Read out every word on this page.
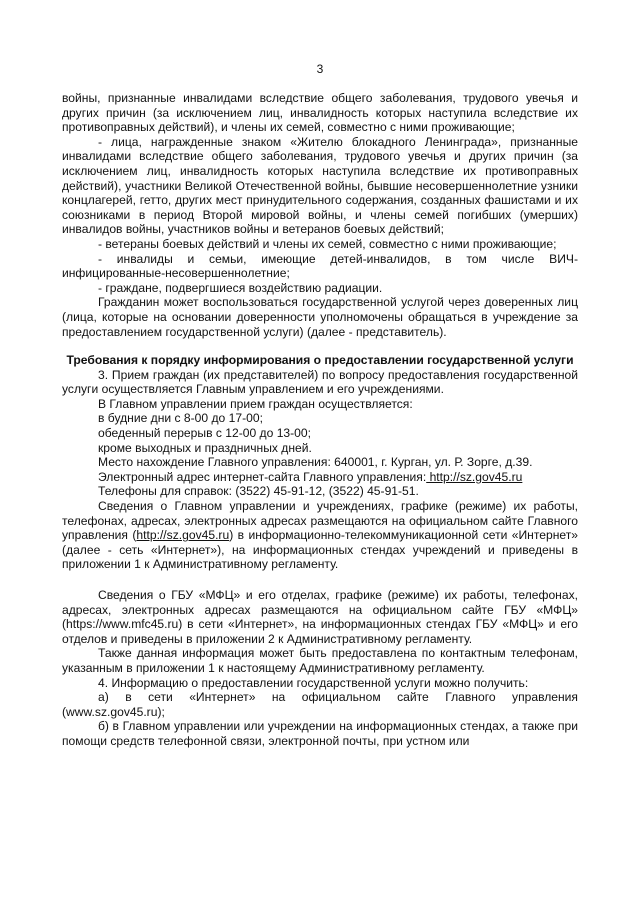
3

войны, признанные инвалидами вследствие общего заболевания, трудового увечья и других причин (за исключением лиц, инвалидность которых наступила вследствие их противоправных действий), и члены их семей, совместно с ними проживающие;

- лица, награжденные знаком «Жителю блокадного Ленинграда», признанные инвалидами вследствие общего заболевания, трудового увечья и других причин (за исключением лиц, инвалидность которых наступила вследствие их противоправных действий), участники Великой Отечественной войны, бывшие несовершеннолетние узники концлагерей, гетто, других мест принудительного содержания, созданных фашистами и их союзниками в период Второй мировой войны, и члены семей погибших (умерших) инвалидов войны, участников войны и ветеранов боевых действий;

- ветераны боевых действий и члены их семей, совместно с ними проживающие;

- инвалиды и семьи, имеющие детей-инвалидов, в том числе ВИЧ-инфицированные-несовершеннолетние;

- граждане, подвергшиеся воздействию радиации.

Гражданин может воспользоваться государственной услугой через доверенных лиц (лица, которые на основании доверенности уполномочены обращаться в учреждение за предоставлением государственной услуги) (далее - представитель).

Требования к порядку информирования о предоставлении государственной услуги

3. Прием граждан (их представителей) по вопросу предоставления государственной услуги осуществляется Главным управлением и его учреждениями.

В Главном управлении прием граждан осуществляется:

в будние дни с 8-00 до 17-00;

обеденный перерыв с 12-00 до 13-00;

кроме выходных и праздничных дней.

Место нахождение Главного управления: 640001, г. Курган, ул. Р. Зорге, д.39.

Электронный адрес интернет-сайта Главного управления: http://sz.gov45.ru

Телефоны для справок: (3522) 45-91-12, (3522) 45-91-51.

Сведения о Главном управлении и учреждениях, графике (режиме) их работы, телефонах, адресах, электронных адресах размещаются на официальном сайте Главного управления (http://sz.gov45.ru) в информационно-телекоммуникационной сети «Интернет» (далее - сеть «Интернет»), на информационных стендах учреждений и приведены в приложении 1 к Административному регламенту.

Сведения о ГБУ «МФЦ» и его отделах, графике (режиме) их работы, телефонах, адресах, электронных адресах размещаются на официальном сайте ГБУ «МФЦ» (https://www.mfc45.ru) в сети «Интернет», на информационных стендах ГБУ «МФЦ» и его отделов и приведены в приложении 2 к Административному регламенту.

Также данная информация может быть предоставлена по контактным телефонам, указанным в приложении 1 к настоящему Административному регламенту.

4. Информацию о предоставлении государственной услуги можно получить:

а) в сети «Интернет» на официальном сайте Главного управления (www.sz.gov45.ru);

б) в Главном управлении или учреждении на информационных стендах, а также при помощи средств телефонной связи, электронной почты, при устном или
